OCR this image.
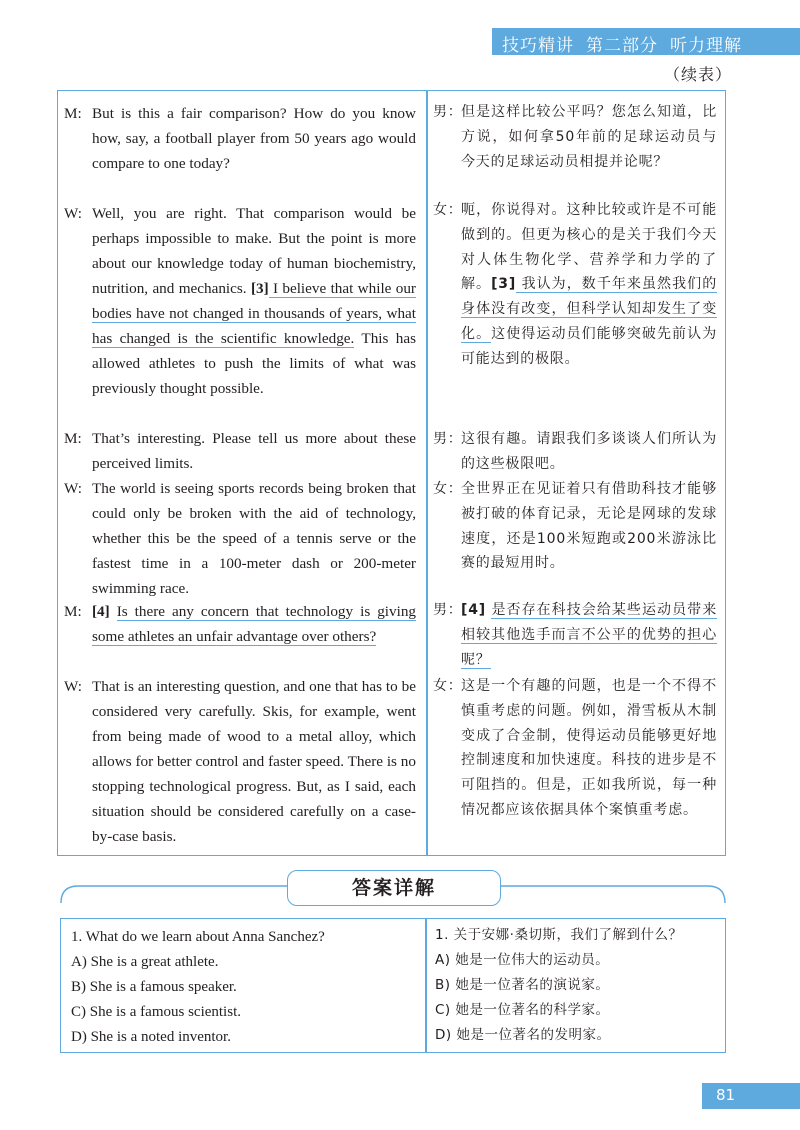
技巧精讲 第二部分 听力理解
（续表）
M: But is this a fair comparison? How do you know how, say, a football player from 50 years ago would compare to one today?
男：
但是这样比较公平吗？您怎么知道，比方说，如何拿50年前的足球运动员与今天的足球运动员相提并论呢？
W: Well, you are right. That comparison would be perhaps impossible to make. But the point is more about our knowledge today of human biochemistry, nutrition, and mechanics. [3] I believe that while our bodies have not changed in thousands of years, what has changed is the scientific knowledge. This has allowed athletes to push the limits of what was previously thought possible.
女：
呃，你说得对。这种比较或许是不可能做到的。但更为核心的是关于我们今天对人体生物化学、营养学和力学的了解。[3] 我认为，数千年来虽然我们的身体没有改变，但科学认知却发生了变化。这使得运动员们能够突破先前认为可能达到的极限。
M: That’s interesting. Please tell us more about these perceived limits.
男：
这很有趣。请跟我们多谈谈人们所认为的这些极限吧。
W: The world is seeing sports records being broken that could only be broken with the aid of technology, whether this be the speed of a tennis serve or the fastest time in a 100-meter dash or 200-meter swimming race.
女：
全世界正在见证着只有借助科技才能够被打破的体育记录，无论是网球的发球速度，还是100米短跑或200米游泳比赛的最短用时。
M: [4] Is there any concern that technology is giving some athletes an unfair advantage over others?
男：
[4] 是否存在科技会给某些运动员带来相较其他选手而言不公平的优势的担心呢？
W: That is an interesting question, and one that has to be considered very carefully. Skis, for example, went from being made of wood to a metal alloy, which allows for better control and faster speed. There is no stopping technological progress. But, as I said, each situation should be considered carefully on a case-by-case basis.
女：
这是一个有趣的问题，也是一个不得不慎重考虑的问题。例如，滑雪板从木制变成了合金制，使得运动员能够更好地控制速度和加快速度。科技的进步是不可阻挡的。但是，正如我所说，每一种情况都应该依据具体个案慎重考虑。
答案详解
1. What do we learn about Anna Sanchez?
A) She is a great athlete.
B) She is a famous speaker.
C) She is a famous scientist.
D) She is a noted inventor.
1. 关于安娜·桑切斯，我们了解到什么？
A) 她是一位伟大的运动员。
B) 她是一位著名的演说家。
C) 她是一位著名的科学家。
D) 她是一位著名的发明家。
81
